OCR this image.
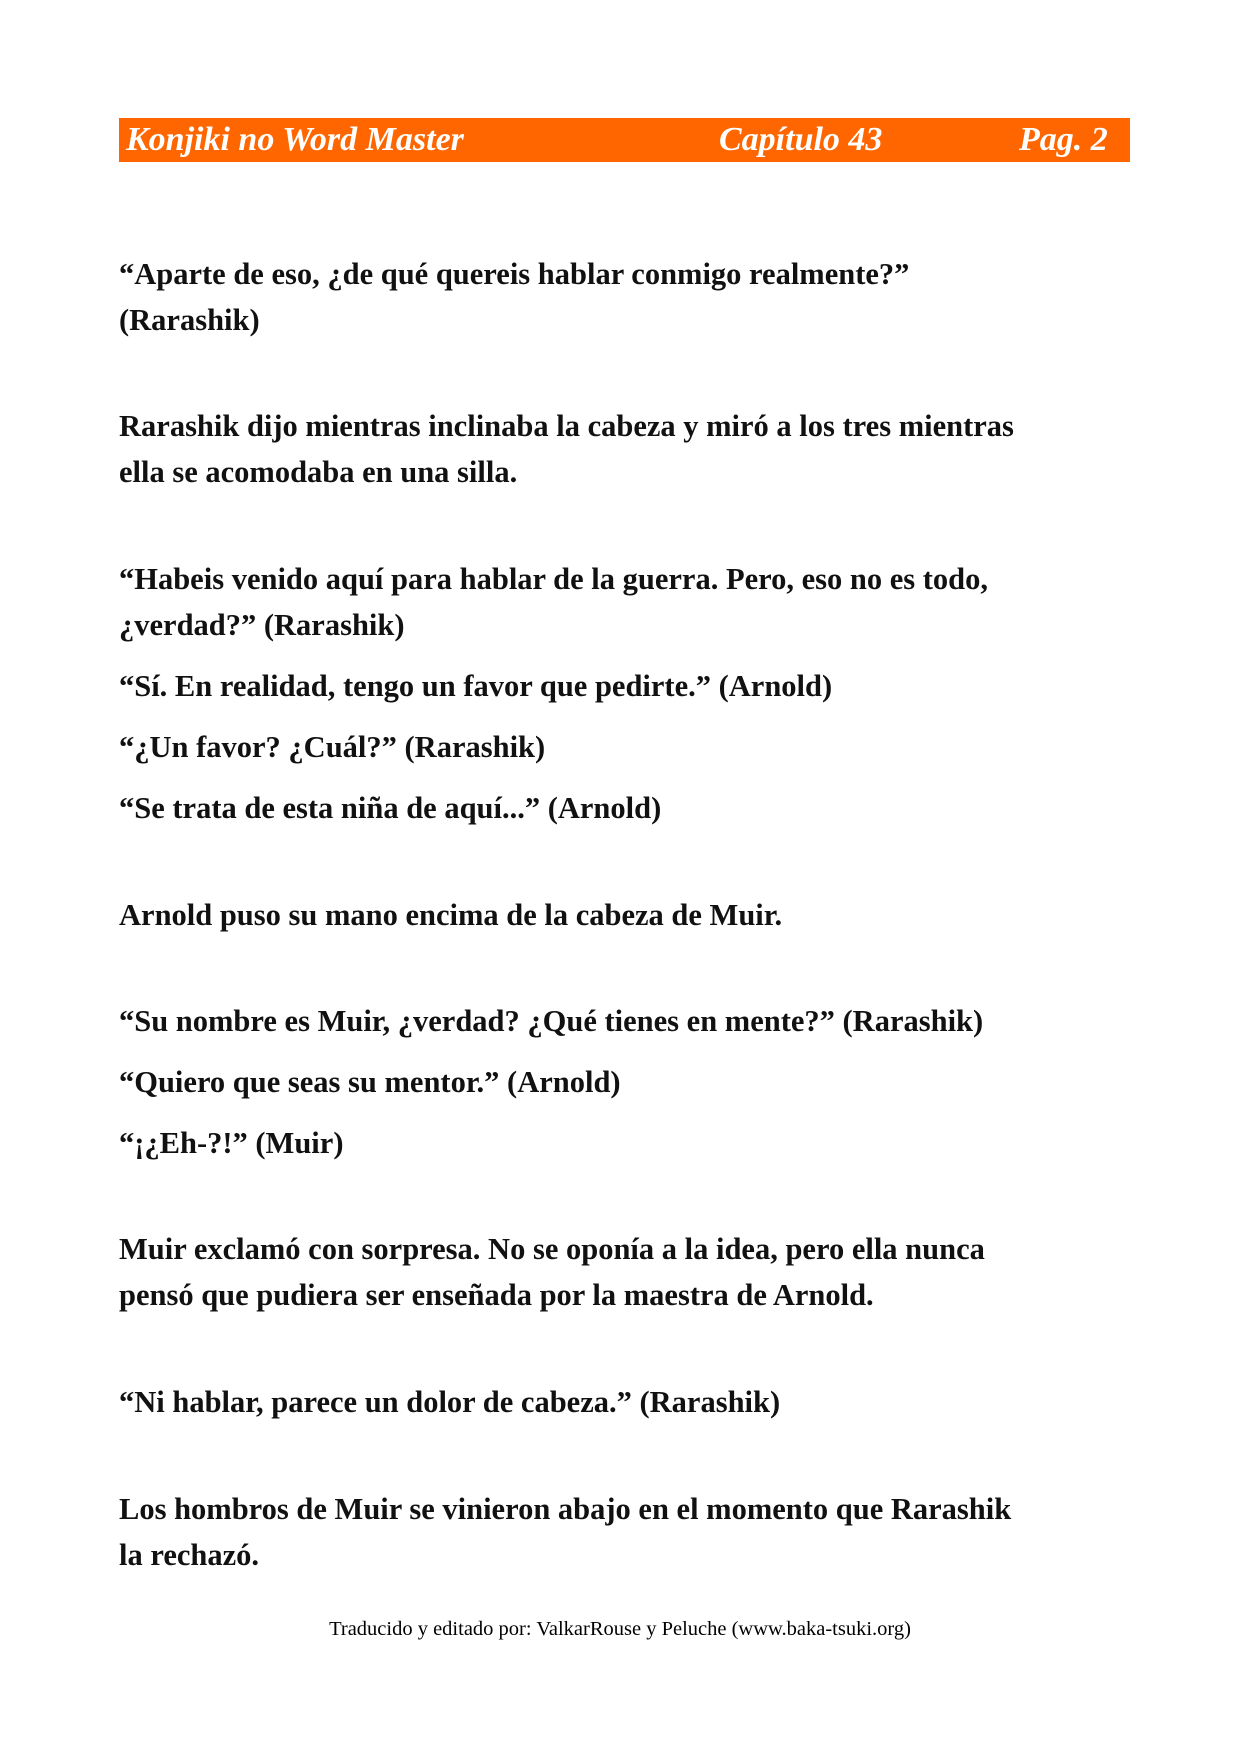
Konjiki no Word Master	Capítulo 43	Pag. 2
“Aparte de eso, ¿de qué quereis hablar conmigo realmente?”
(Rarashik)
Rarashik dijo mientras inclinaba la cabeza y miró a los tres mientras
ella se acomodaba en una silla.
“Habeis venido aquí para hablar de la guerra. Pero, eso no es todo,
¿verdad?” (Rarashik)
“Sí. En realidad, tengo un favor que pedirte.” (Arnold)
“¿Un favor? ¿Cuál?” (Rarashik)
“Se trata de esta niña de aquí...” (Arnold)
Arnold puso su mano encima de la cabeza de Muir.
“Su nombre es Muir, ¿verdad? ¿Qué tienes en mente?” (Rarashik)
“Quiero que seas su mentor.” (Arnold)
“¡¿Eh-?!” (Muir)
Muir exclamó con sorpresa. No se oponía a la idea, pero ella nunca
pensó que pudiera ser enseñada por la maestra de Arnold.
“Ni hablar, parece un dolor de cabeza.” (Rarashik)
Los hombros de Muir se vinieron abajo en el momento que Rarashik
la rechazó.
Traducido y editado por: ValkarRouse y Peluche (www.baka-tsuki.org)
